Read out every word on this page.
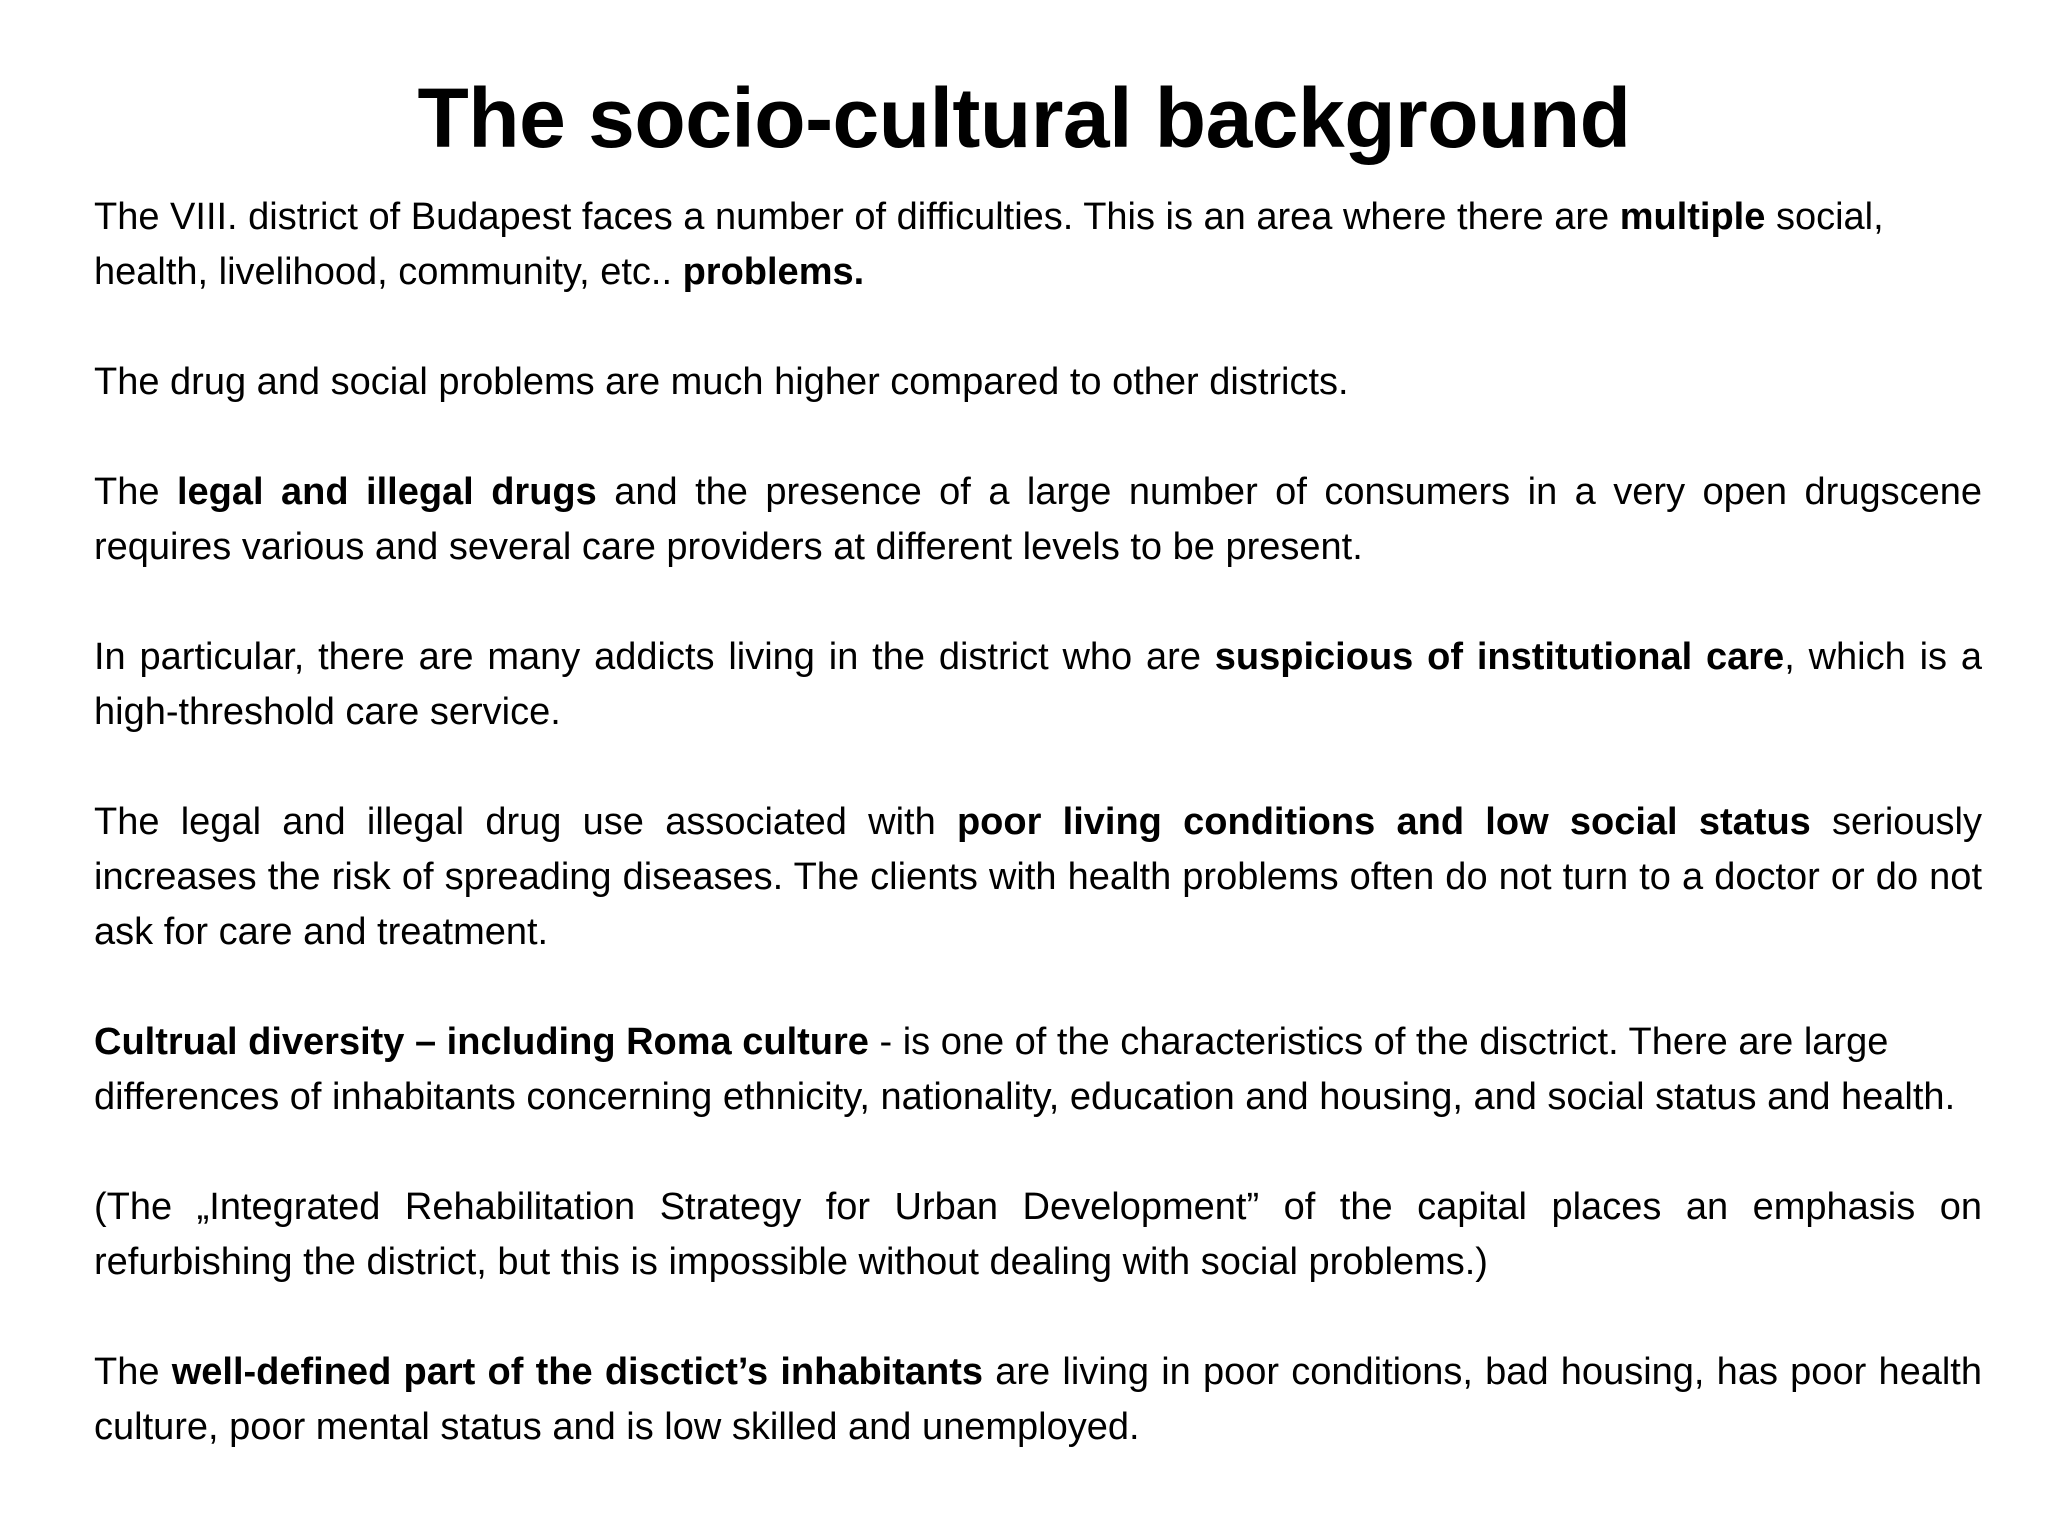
The socio-cultural background

The VIII. district of Budapest faces a number of difficulties. This is an area where there are multiple social, health, livelihood, community, etc.. problems.

The drug and social problems are much higher compared to other districts.

The legal and illegal drugs and the presence of a large number of consumers in a very open drugscene requires various and several care providers at different levels to be present.

In particular, there are many addicts living in the district who are suspicious of institutional care, which is a high-threshold care service.

The legal and illegal drug use associated with poor living conditions and low social status seriously increases the risk of spreading diseases. The clients with health problems often do not turn to a doctor or do not ask for care and treatment.

Cultrual diversity – including Roma culture - is one of the characteristics of the disctrict. There are large differences of inhabitants concerning ethnicity, nationality, education and housing, and social status and health.

(The „Integrated Rehabilitation Strategy for Urban Development” of the capital places an emphasis on refurbishing the district, but this is impossible without dealing with social problems.)

The well-defined part of the disctict’s inhabitants are living in poor conditions, bad housing, has poor health culture, poor mental status and is low skilled and unemployed.
